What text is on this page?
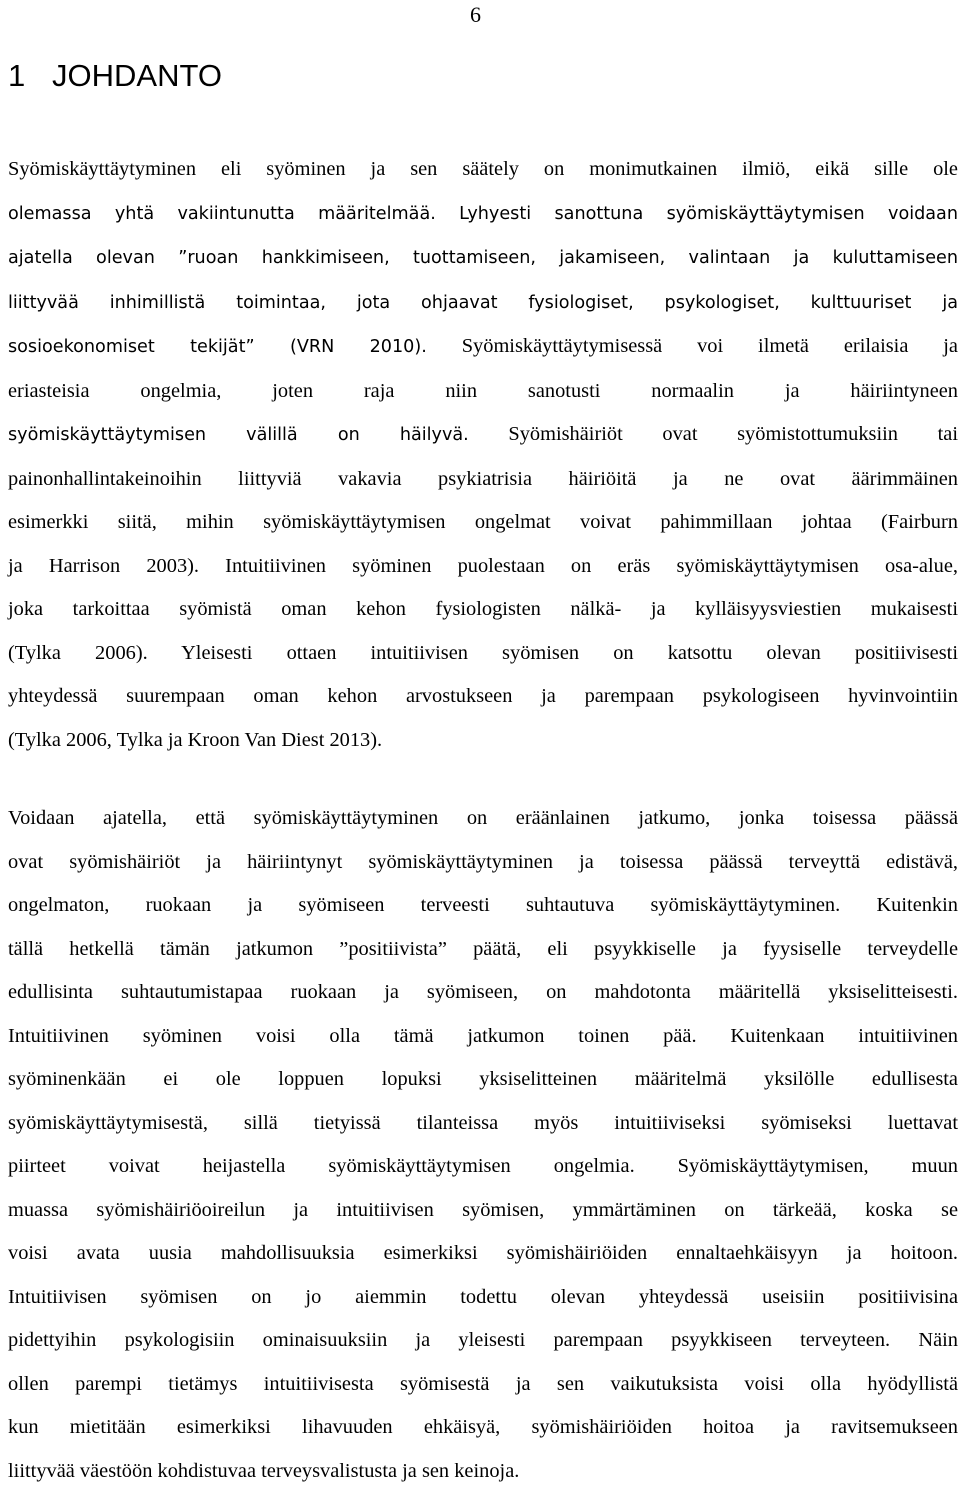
6
1 JOHDANTO
Syömiskäyttäytyminen eli syöminen ja sen säätely on monimutkainen ilmiö, eikä sille ole
olemassa yhtä vakiintunutta määritelmää. Lyhyesti sanottuna syömiskäyttäytymisen voidaan
ajatella olevan ”ruoan hankkimiseen, tuottamiseen, jakamiseen, valintaan ja kuluttamiseen
liittyvää inhimillistä toimintaa, jota ohjaavat fysiologiset, psykologiset, kulttuuriset ja
sosioekonomiset tekijät” (VRN 2010). Syömiskäyttäytymisessä voi ilmetä erilaisia ja
eriasteisia ongelmia, joten raja niin sanotusti normaalin ja häiriintyneen
syömiskäyttäytymisen välillä on häilyvä. Syömishäiriöt ovat syömistottumuksiin tai
painonhallintakeinoihin liittyviä vakavia psykiatrisia häiriöitä ja ne ovat äärimmäinen
esimerkki siitä, mihin syömiskäyttäytymisen ongelmat voivat pahimmillaan johtaa (Fairburn
ja Harrison 2003). Intuitiivinen syöminen puolestaan on eräs syömiskäyttäytymisen osa-alue,
joka tarkoittaa syömistä oman kehon fysiologisten nälkä- ja kylläisyysviestien mukaisesti
(Tylka 2006). Yleisesti ottaen intuitiivisen syömisen on katsottu olevan positiivisesti
yhteydessä suurempaan oman kehon arvostukseen ja parempaan psykologiseen hyvinvointiin
(Tylka 2006, Tylka ja Kroon Van Diest 2013).
Voidaan ajatella, että syömiskäyttäytyminen on eräänlainen jatkumo, jonka toisessa päässä
ovat syömishäiriöt ja häiriintynyt syömiskäyttäytyminen ja toisessa päässä terveyttä edistävä,
ongelmaton, ruokaan ja syömiseen terveesti suhtautuva syömiskäyttäytyminen. Kuitenkin
tällä hetkellä tämän jatkumon ”positiivista” päätä, eli psyykkiselle ja fyysiselle terveydelle
edullisinta suhtautumistapaa ruokaan ja syömiseen, on mahdotonta määritellä yksiselitteisesti.
Intuitiivinen syöminen voisi olla tämä jatkumon toinen pää. Kuitenkaan intuitiivinen
syöminenkään ei ole loppuen lopuksi yksiselitteinen määritelmä yksilölle edullisesta
syömiskäyttäytymisestä, sillä tietyissä tilanteissa myös intuitiiviseksi syömiseksi luettavat
piirteet voivat heijastella syömiskäyttäytymisen ongelmia. Syömiskäyttäytymisen, muun
muassa syömishäiriöoireilun ja intuitiivisen syömisen, ymmärtäminen on tärkeää, koska se
voisi avata uusia mahdollisuuksia esimerkiksi syömishäiriöiden ennaltaehkäisyyn ja hoitoon.
Intuitiivisen syömisen on jo aiemmin todettu olevan yhteydessä useisiin positiivisina
pidettyihin psykologisiin ominaisuuksiin ja yleisesti parempaan psyykkiseen terveyteen. Näin
ollen parempi tietämys intuitiivisesta syömisestä ja sen vaikutuksista voisi olla hyödyllistä
kun mietitään esimerkiksi lihavuuden ehkäisyä, syömishäiriöiden hoitoa ja ravitsemukseen
liittyvää väestöön kohdistuvaa terveysvalistusta ja sen keinoja.
